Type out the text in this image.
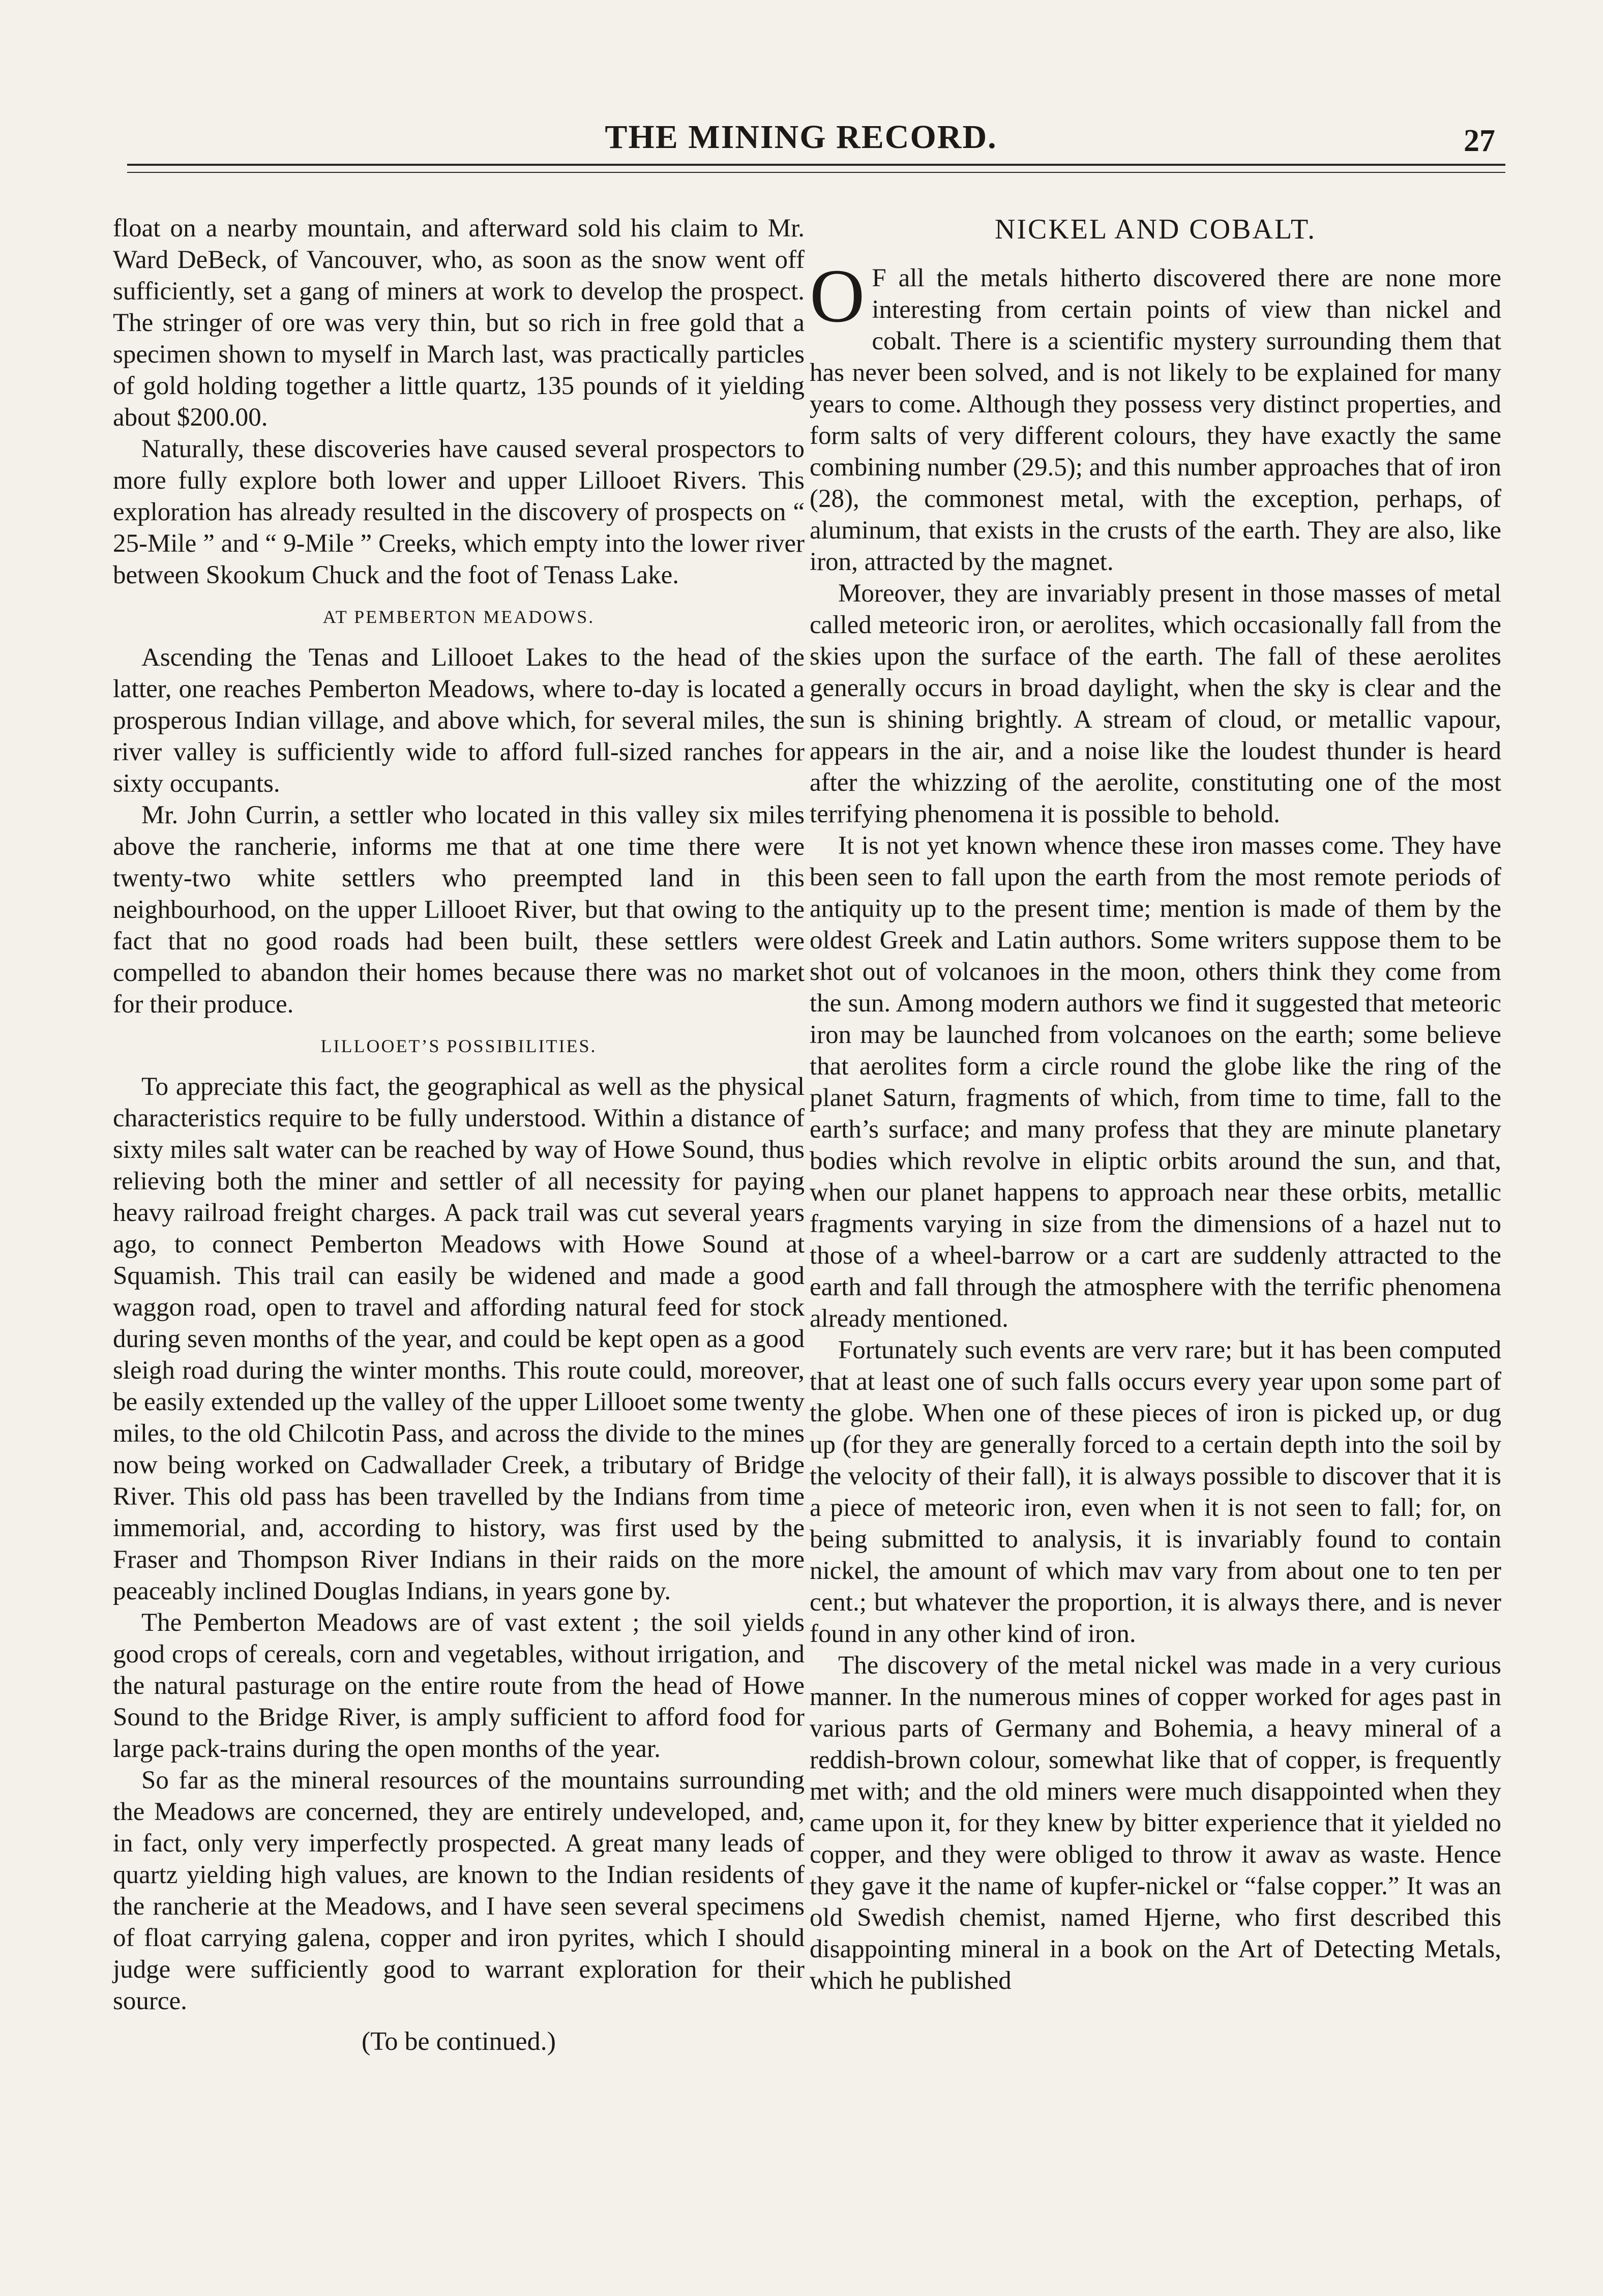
THE MINING RECORD.	27

float on a nearby mountain, and afterward sold his claim to Mr. Ward DeBeck, of Vancouver, who, as soon as the snow went off sufficiently, set a gang of miners at work to develop the prospect. The stringer of ore was very thin, but so rich in free gold that a specimen shown to myself in March last, was practically particles of gold holding together a little quartz, 135 pounds of it yielding about $200.00.

Naturally, these discoveries have caused several prospectors to more fully explore both lower and upper Lillooet Rivers. This exploration has already resulted in the discovery of prospects on “ 25-Mile ” and “ 9-Mile ” Creeks, which empty into the lower river between Skookum Chuck and the foot of Tenass Lake.

AT PEMBERTON MEADOWS.

Ascending the Tenas and Lillooet Lakes to the head of the latter, one reaches Pemberton Meadows, where to-day is located a prosperous Indian village, and above which, for several miles, the river valley is sufficiently wide to afford full-sized ranches for sixty occupants.

Mr. John Currin, a settler who located in this valley six miles above the rancherie, informs me that at one time there were twenty-two white settlers who preempted land in this neighbourhood, on the upper Lillooet River, but that owing to the fact that no good roads had been built, these settlers were compelled to abandon their homes because there was no market for their produce.

LILLOOET’S POSSIBILITIES.

To appreciate this fact, the geographical as well as the physical characteristics require to be fully understood. Within a distance of sixty miles salt water can be reached by way of Howe Sound, thus relieving both the miner and settler of all necessity for paying heavy railroad freight charges. A pack trail was cut several years ago, to connect Pemberton Meadows with Howe Sound at Squamish. This trail can easily be widened and made a good waggon road, open to travel and affording natural feed for stock during seven months of the year, and could be kept open as a good sleigh road during the winter months. This route could, moreover, be easily extended up the valley of the upper Lillooet some twenty miles, to the old Chilcotin Pass, and across the divide to the mines now being worked on Cadwallader Creek, a tributary of Bridge River. This old pass has been travelled by the Indians from time immemorial, and, according to history, was first used by the Fraser and Thompson River Indians in their raids on the more peaceably inclined Douglas Indians, in years gone by.

The Pemberton Meadows are of vast extent ; the soil yields good crops of cereals, corn and vegetables, without irrigation, and the natural pasturage on the entire route from the head of Howe Sound to the Bridge River, is amply sufficient to afford food for large pack-trains during the open months of the year.

So far as the mineral resources of the mountains surrounding the Meadows are concerned, they are entirely undeveloped, and, in fact, only very imperfectly prospected. A great many leads of quartz yielding high values, are known to the Indian residents of the rancherie at the Meadows, and I have seen several specimens of float carrying galena, copper and iron pyrites, which I should judge were sufficiently good to warrant exploration for their source.

(To be continued.)
NICKEL AND COBALT.

O F all the metals hitherto discovered there are none more interesting from certain points of view than nickel and cobalt. There is a scientific mystery surrounding them that has never been solved, and is not likely to be explained for many years to come. Although they possess very distinct properties, and form salts of very different colours, they have exactly the same combining number (29.5); and this number approaches that of iron (28), the commonest metal, with the exception, perhaps, of aluminum, that exists in the crusts of the earth. They are also, like iron, attracted by the magnet.

Moreover, they are invariably present in those masses of metal called meteoric iron, or aerolites, which occasionally fall from the skies upon the surface of the earth. The fall of these aerolites generally occurs in broad daylight, when the sky is clear and the sun is shining brightly. A stream of cloud, or metallic vapour, appears in the air, and a noise like the loudest thunder is heard after the whizzing of the aerolite, constituting one of the most terrifying phenomena it is possible to behold.

It is not yet known whence these iron masses come. They have been seen to fall upon the earth from the most remote periods of antiquity up to the present time; mention is made of them by the oldest Greek and Latin authors. Some writers suppose them to be shot out of volcanoes in the moon, others think they come from the sun. Among modern authors we find it suggested that meteoric iron may be launched from volcanoes on the earth; some believe that aerolites form a circle round the globe like the ring of the planet Saturn, fragments of which, from time to time, fall to the earth’s surface; and many profess that they are minute planetary bodies which revolve in eliptic orbits around the sun, and that, when our planet happens to approach near these orbits, metallic fragments varying in size from the dimensions of a hazel nut to those of a wheel-barrow or a cart are suddenly attracted to the earth and fall through the atmosphere with the terrific phenomena already mentioned.

Fortunately such events are verv rare; but it has been computed that at least one of such falls occurs every year upon some part of the globe. When one of these pieces of iron is picked up, or dug up (for they are generally forced to a certain depth into the soil by the velocity of their fall), it is always possible to discover that it is a piece of meteoric iron, even when it is not seen to fall; for, on being submitted to analysis, it is invariably found to contain nickel, the amount of which mav vary from about one to ten per cent.; but whatever the proportion, it is always there, and is never found in any other kind of iron.

The discovery of the metal nickel was made in a very curious manner. In the numerous mines of copper worked for ages past in various parts of Germany and Bohemia, a heavy mineral of a reddish-brown colour, somewhat like that of copper, is frequently met with; and the old miners were much disappointed when they came upon it, for they knew by bitter experience that it yielded no copper, and they were obliged to throw it awav as waste. Hence they gave it the name of kupfer-nickel or “false copper.” It was an old Swedish chemist, named Hjerne, who first described this disappointing mineral in a book on the Art of Detecting Metals, which he published
